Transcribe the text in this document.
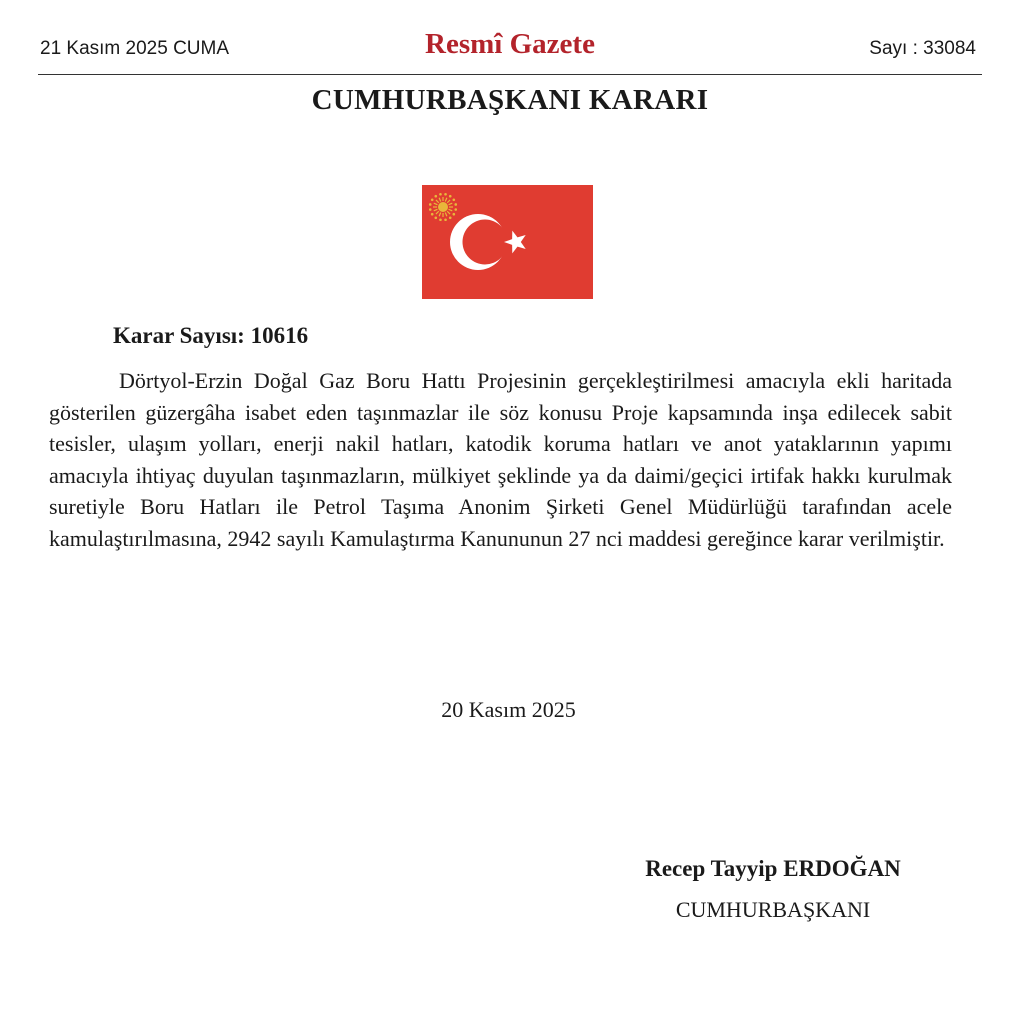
21 Kasım 2025 CUMA	Resmî Gazete	Sayı : 33084
CUMHURBAŞKANI KARARI
Karar Sayısı: 10616

Dörtyol-Erzin Doğal Gaz Boru Hattı Projesinin gerçekleştirilmesi amacıyla ekli haritada gösterilen güzergâha isabet eden taşınmazlar ile söz konusu Proje kapsamında inşa edilecek sabit tesisler, ulaşım yolları, enerji nakil hatları, katodik koruma hatları ve anot yataklarının yapımı amacıyla ihtiyaç duyulan taşınmazların, mülkiyet şeklinde ya da daimi/geçici irtifak hakkı kurulmak suretiyle Boru Hatları ile Petrol Taşıma Anonim Şirketi Genel Müdürlüğü tarafından acele kamulaştırılmasına, 2942 sayılı Kamulaştırma Kanununun 27 nci maddesi gereğince karar verilmiştir.

20 Kasım 2025
Recep Tayyip ERDOĞAN
CUMHURBAŞKANI
